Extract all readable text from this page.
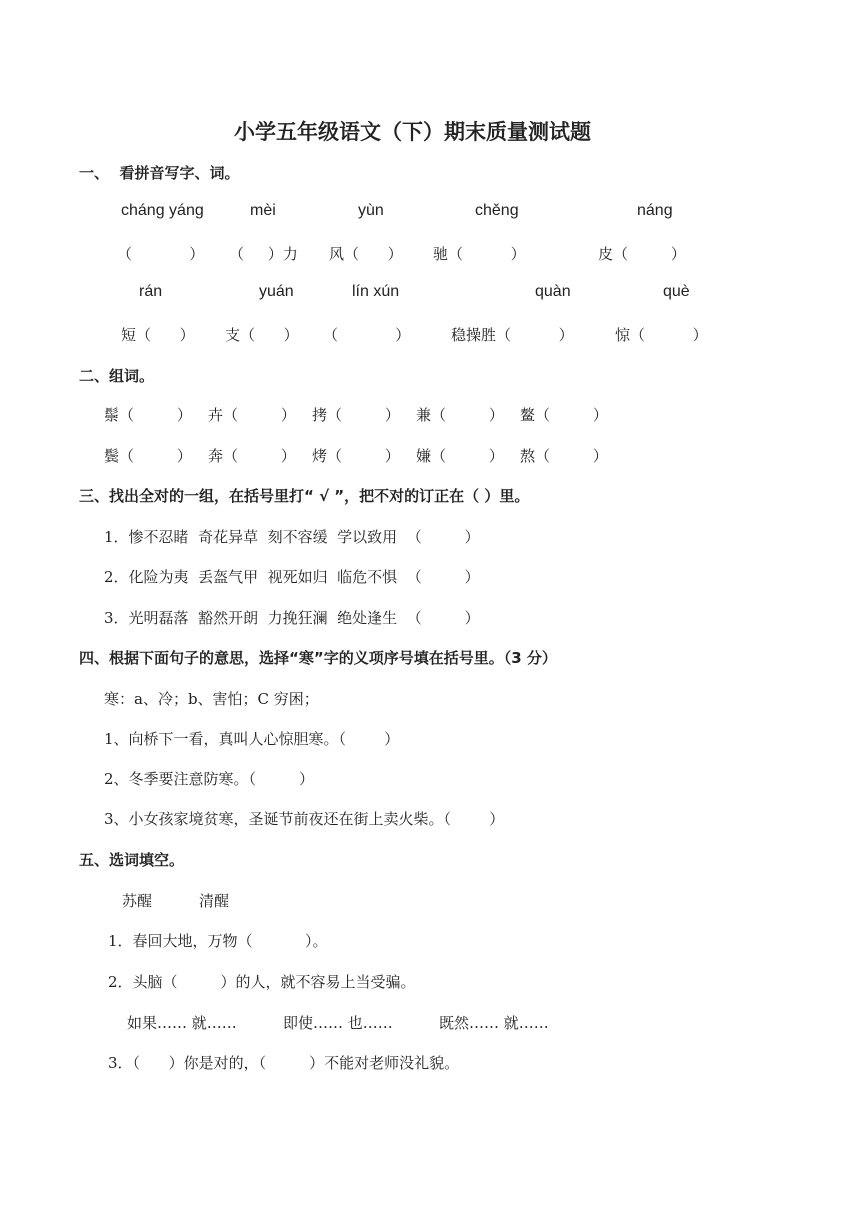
小学五年级语文（下）期末质量测试题
一、  看拼音写字、词。
cháng yáng	mèi	yùn	chěng	náng
（            ） （     ）力 风（      ） 驰（          ）	皮（         ）
rán	yuán	lín xún	quàn	què
短（      ） 支（      ） （            ）	稳操胜（          ）	惊（          ）
二、组词。
鬃（         ） 卉（         ） 拷（         ） 兼（         ） 鳌（         ）
鬓（         ） 奔（         ） 烤（         ） 嫌（         ） 熬（         ）
三、找出全对的一组，在括号里打“ √ ”，把不对的订正在（ ）里。
1．惨不忍睹  奇花异草  刻不容缓  学以致用  （         ）
2．化险为夷  丢盔气甲  视死如归  临危不惧  （         ）
3．光明磊落  豁然开朗  力挽狂澜  绝处逢生  （         ）
四、根据下面句子的意思，选择“寒”字的义项序号填在括号里。（3 分）
寒：a、冷；b、害怕；C 穷困；
1、向桥下一看，真叫人心惊胆寒。（        ）
2、冬季要注意防寒。（         ）
3、小女孩家境贫寒，圣诞节前夜还在街上卖火柴。（        ）
五、选词填空。
苏醒	清醒
1．春回大地，万物（           ）。
2．头脑（         ）的人，就不容易上当受骗。
如果…… 就……	即使…… 也……	既然…… 就……
3．（      ）你是对的，（         ）不能对老师没礼貌。
